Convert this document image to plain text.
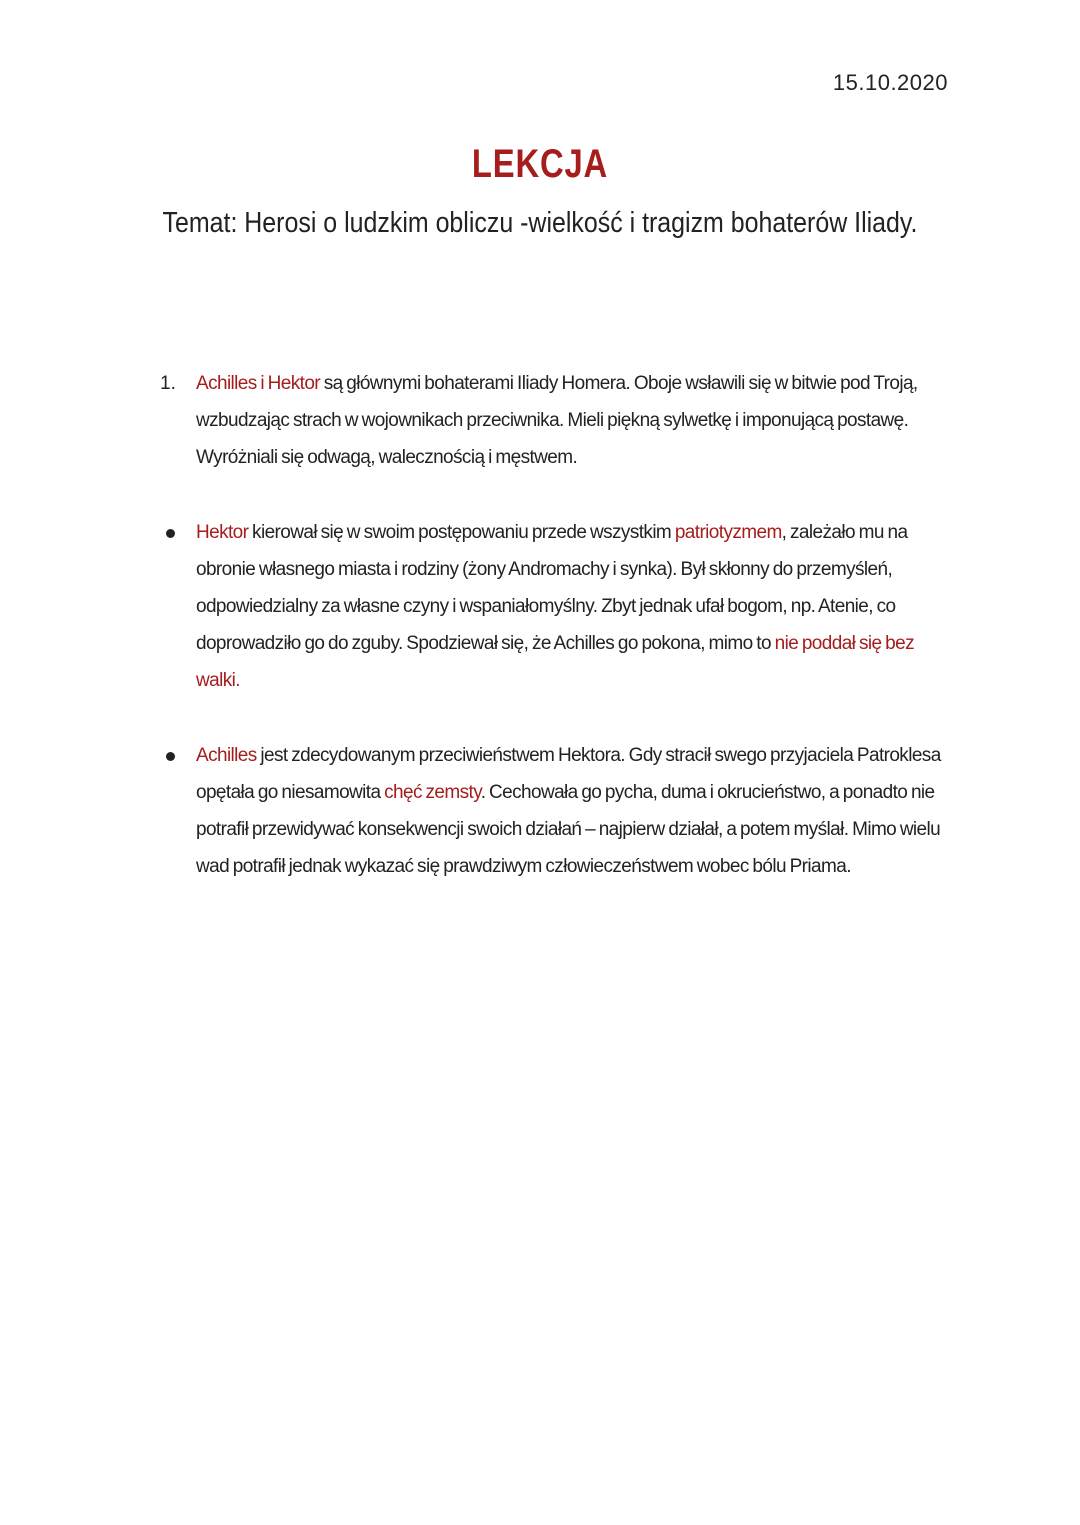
15.10.2020
LEKCJA
Temat: Herosi o ludzkim obliczu -wielkość i tragizm bohaterów Iliady.
1.	Achilles i Hektor są głównymi bohaterami Iliady Homera. Oboje wsławili się w bitwie pod Troją, wzbudzając strach w wojownikach przeciwnika. Mieli piękną sylwetkę i imponującą postawę. Wyróżniali się odwagą, walecznością i męstwem.
Hektor kierował się w swoim postępowaniu przede wszystkim patriotyzmem, zależało mu na obronie własnego miasta i rodziny (żony Andromachy i synka). Był skłonny do przemyśleń, odpowiedzialny za własne czyny i wspaniałomyślny. Zbyt jednak ufał bogom, np. Atenie, co doprowadziło go do zguby. Spodziewał się, że Achilles go pokona, mimo to nie poddał się bez walki.
Achilles jest zdecydowanym przeciwieństwem Hektora. Gdy stracił swego przyjaciela Patroklesa opętała go niesamowita chęć zemsty. Cechowała go pycha, duma i okrucieństwo, a ponadto nie potrafił przewidywać konsekwencji swoich działań – najpierw działał, a potem myślał. Mimo wielu wad potrafił jednak wykazać się prawdziwym człowieczeństwem wobec bólu Priama.
